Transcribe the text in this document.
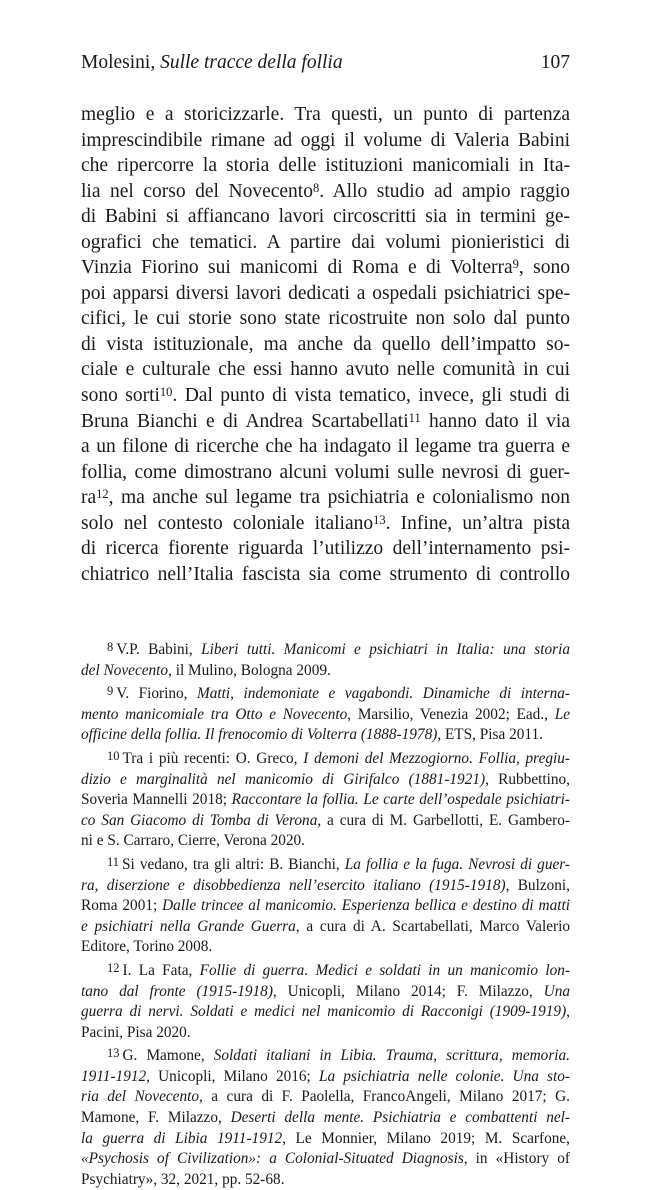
Molesini, Sulle tracce della follia	107
meglio e a storicizzarle. Tra questi, un punto di partenza
imprescindibile rimane ad oggi il volume di Valeria Babini
che ripercorre la storia delle istituzioni manicomiali in Ita-
lia nel corso del Novecento$^8$. Allo studio ad ampio raggio
di Babini si affiancano lavori circoscritti sia in termini ge-
ografici che tematici. A partire dai volumi pionieristici di
Vinzia Fiorino sui manicomi di Roma e di Volterra$^9$, sono
poi apparsi diversi lavori dedicati a ospedali psichiatrici spe-
cifici, le cui storie sono state ricostruite non solo dal punto
di vista istituzionale, ma anche da quello dell’impatto so-
ciale e culturale che essi hanno avuto nelle comunità in cui
sono sorti$^{10}$. Dal punto di vista tematico, invece, gli studi di
Bruna Bianchi e di Andrea Scartabellati$^{11}$ hanno dato il via
a un filone di ricerche che ha indagato il legame tra guerra e
follia, come dimostrano alcuni volumi sulle nevrosi di guer-
$ra^{12}$, ma anche sul legame tra psichiatria e colonialismo non
solo nel contesto coloniale italiano$^{13}$. Infine, un’altra pista
di ricerca fiorente riguarda l’utilizzo dell’internamento psi-
chiatrico nell’Italia fascista sia come strumento di controllo
8 V.P. Babini, Liberi tutti. Manicomi e psichiatri in Italia: una storia
del Novecento, il Mulino, Bologna 2009.
9 V. Fiorino, Matti, indemoniate e vagabondi. Dinamiche di interna-
mento manicomiale tra Otto e Novecento, Marsilio, Venezia 2002; Ead., Le
officine della follia. Il frenocomio di Volterra (1888-1978), ETS, Pisa 2011.
10 Tra i più recenti: O. Greco, I demoni del Mezzogiorno. Follia, pregiu-
dizio e marginalità nel manicomio di Girifalco (1881-1921), Rubbettino,
Soveria Mannelli 2018; Raccontare la follia. Le carte dell’ospedale psichiatri-
co San Giacomo di Tomba di Verona, a cura di M. Garbellotti, E. Gambero-
ni e S. Carraro, Cierre, Verona 2020.
11 Si vedano, tra gli altri: B. Bianchi, La follia e la fuga. Nevrosi di guer-
ra, diserzione e disobbedienza nell’esercito italiano (1915-1918), Bulzoni,
Roma 2001; Dalle trincee al manicomio. Esperienza bellica e destino di matti
e psichiatri nella Grande Guerra, a cura di A. Scartabellati, Marco Valerio
Editore, Torino 2008.
12 I. La Fata, Follie di guerra. Medici e soldati in un manicomio lon-
tano dal fronte (1915-1918), Unicopli, Milano 2014; F. Milazzo, Una
guerra di nervi. Soldati e medici nel manicomio di Racconigi (1909-1919),
Pacini, Pisa 2020.
13 G. Mamone, Soldati italiani in Libia. Trauma, scrittura, memoria.
1911-1912, Unicopli, Milano 2016; La psichiatria nelle colonie. Una sto-
ria del Novecento, a cura di F. Paolella, FrancoAngeli, Milano 2017; G.
Mamone, F. Milazzo, Deserti della mente. Psichiatria e combattenti nel-
la guerra di Libia 1911-1912, Le Monnier, Milano 2019; M. Scarfone,
«Psychosis of Civilization»: a Colonial-Situated Diagnosis, in «History of
Psychiatry», 32, 2021, pp. 52-68.
